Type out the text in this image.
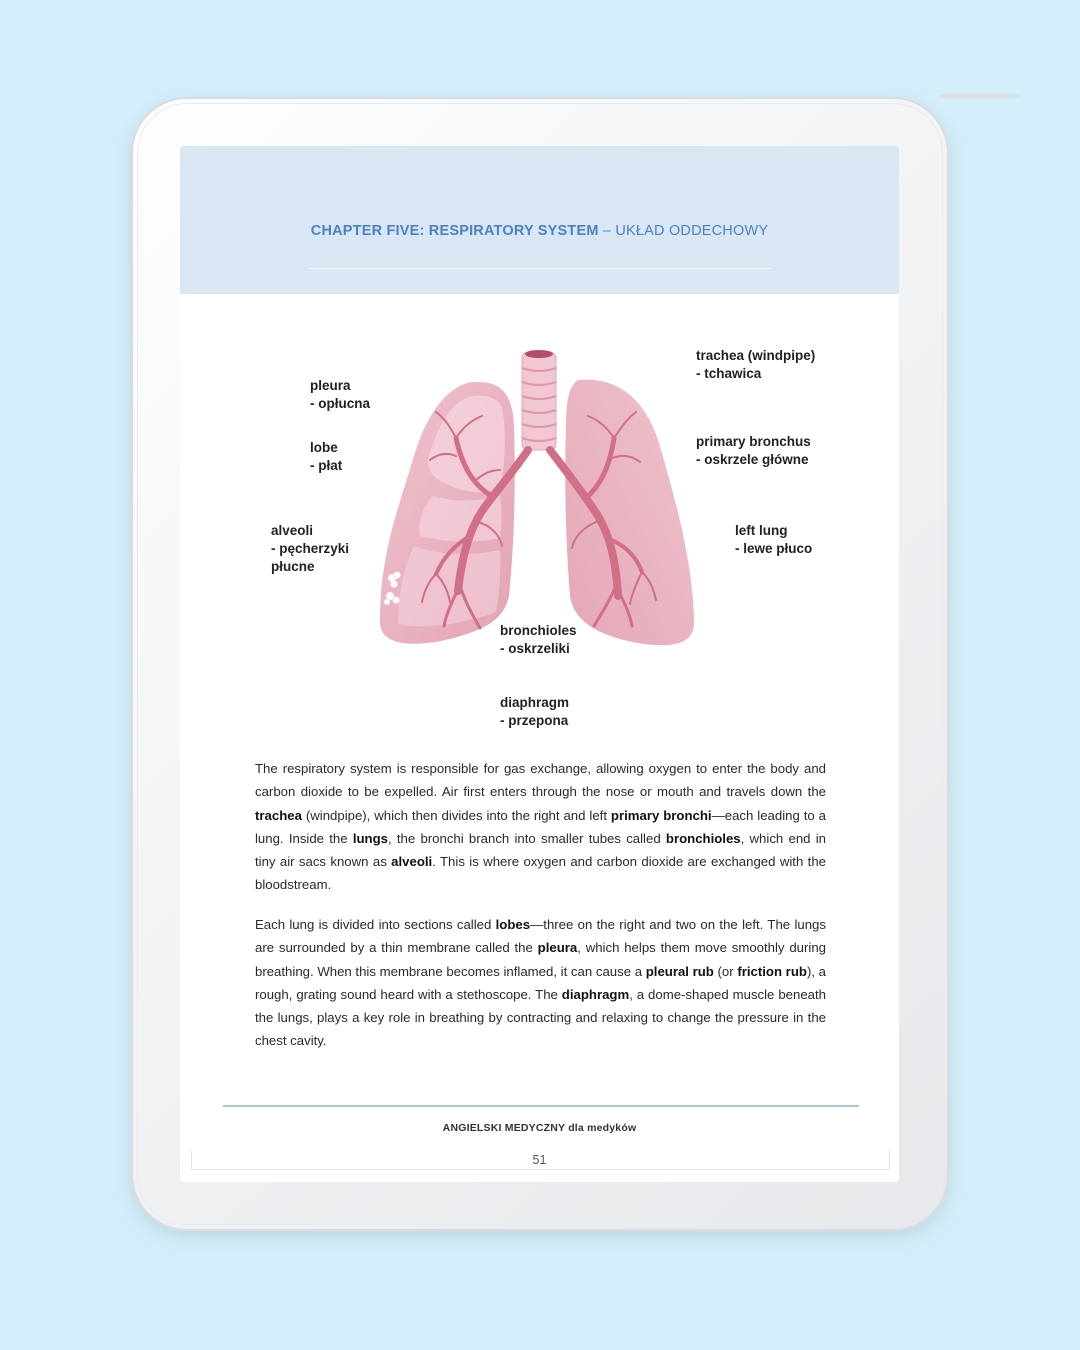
CHAPTER FIVE: RESPIRATORY SYSTEM – UKŁAD ODDECHOWY
pleura
- opłucna
lobe
- płat
alveoli
- pęcherzyki
płucne
trachea (windpipe)
- tchawica
primary bronchus
- oskrzele główne
left lung
- lewe płuco
bronchioles
- oskrzeliki
diaphragm
- przepona
The respiratory system is responsible for gas exchange, allowing oxygen to enter the body and carbon dioxide to be expelled. Air first enters through the nose or mouth and travels down the trachea (windpipe), which then divides into the right and left primary bronchi—each leading to a lung. Inside the lungs, the bronchi branch into smaller tubes called bronchioles, which end in tiny air sacs known as alveoli. This is where oxygen and carbon dioxide are exchanged with the bloodstream.
Each lung is divided into sections called lobes—three on the right and two on the left. The lungs are surrounded by a thin membrane called the pleura, which helps them move smoothly during breathing. When this membrane becomes inflamed, it can cause a pleural rub (or friction rub), a rough, grating sound heard with a stethoscope. The diaphragm, a dome-shaped muscle beneath the lungs, plays a key role in breathing by contracting and relaxing to change the pressure in the chest cavity.
ANGIELSKI MEDYCZNY dla medyków
51
